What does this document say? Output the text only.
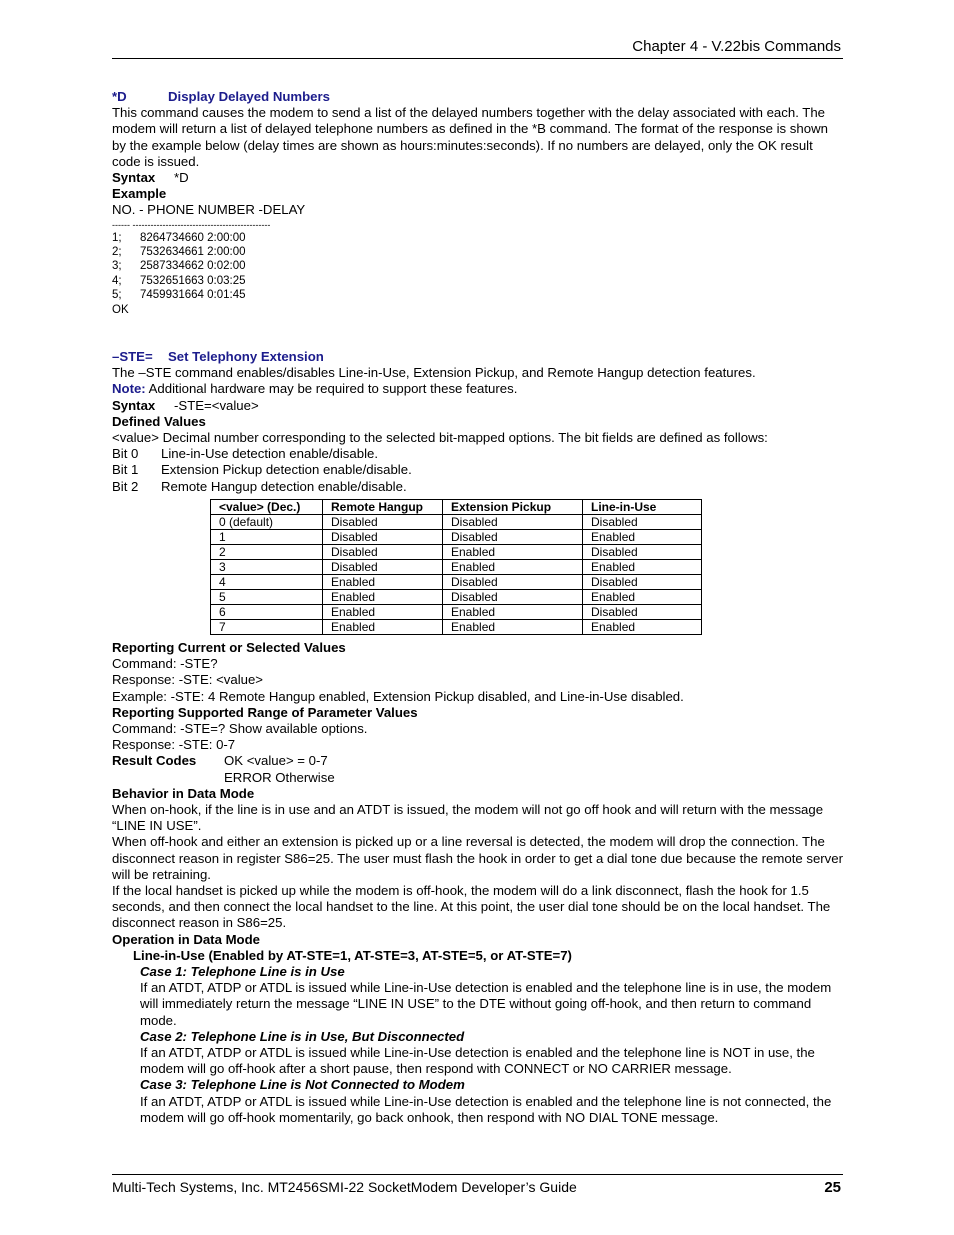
Chapter 4 - V.22bis Commands
*D	Display Delayed Numbers
This command causes the modem to send a list of the delayed numbers together with the delay associated with each. The modem will return a list of delayed telephone numbers as defined in the *B command. The format of the response is shown by the example below (delay times are shown as hours:minutes:seconds). If no numbers are delayed, only the OK result code is issued.
Syntax *D
Example
NO. - PHONE NUMBER -DELAY
------ ----------------------------------------------
1; 8264734660 2:00:00
2; 7532634661 2:00:00
3; 2587334662 0:02:00
4; 7532651663 0:03:25
5; 7459931664 0:01:45
OK
–STE= Set Telephony Extension
The –STE command enables/disables Line-in-Use, Extension Pickup, and Remote Hangup detection features.
Note: Additional hardware may be required to support these features.
Syntax -STE=<value>
Defined Values
<value> Decimal number corresponding to the selected bit-mapped options. The bit fields are defined as follows:
Bit 0 Line-in-Use detection enable/disable.
Bit 1 Extension Pickup detection enable/disable.
Bit 2 Remote Hangup detection enable/disable.
<value> (Dec.)	Remote Hangup	Extension Pickup	Line-in-Use
0 (default)	Disabled	Disabled	Disabled
1	Disabled	Disabled	Enabled
2	Disabled	Enabled	Disabled
3	Disabled	Enabled	Enabled
4	Enabled	Disabled	Disabled
5	Enabled	Disabled	Enabled
6	Enabled	Enabled	Disabled
7	Enabled	Enabled	Enabled
Reporting Current or Selected Values
Command: -STE?
Response: -STE: <value>
Example: -STE: 4 Remote Hangup enabled, Extension Pickup disabled, and Line-in-Use disabled.
Reporting Supported Range of Parameter Values
Command: -STE=? Show available options.
Response: -STE: 0-7
Result Codes OK <value> = 0-7
ERROR Otherwise
Behavior in Data Mode
When on-hook, if the line is in use and an ATDT is issued, the modem will not go off hook and will return with the message “LINE IN USE”.
When off-hook and either an extension is picked up or a line reversal is detected, the modem will drop the connection. The disconnect reason in register S86=25. The user must flash the hook in order to get a dial tone due because the remote server will be retraining.
If the local handset is picked up while the modem is off-hook, the modem will do a link disconnect, flash the hook for 1.5 seconds, and then connect the local handset to the line. At this point, the user dial tone should be on the local handset. The disconnect reason in S86=25.
Operation in Data Mode
Line-in-Use (Enabled by AT-STE=1, AT-STE=3, AT-STE=5, or AT-STE=7)
Case 1: Telephone Line is in Use
If an ATDT, ATDP or ATDL is issued while Line-in-Use detection is enabled and the telephone line is in use, the modem will immediately return the message “LINE IN USE” to the DTE without going off-hook, and then return to command mode.
Case 2: Telephone Line is in Use, But Disconnected
If an ATDT, ATDP or ATDL is issued while Line-in-Use detection is enabled and the telephone line is NOT in use, the modem will go off-hook after a short pause, then respond with CONNECT or NO CARRIER message.
Case 3: Telephone Line is Not Connected to Modem
If an ATDT, ATDP or ATDL is issued while Line-in-Use detection is enabled and the telephone line is not connected, the modem will go off-hook momentarily, go back onhook, then respond with NO DIAL TONE message.
Multi-Tech Systems, Inc. MT2456SMI-22 SocketModem Developer’s Guide	25
